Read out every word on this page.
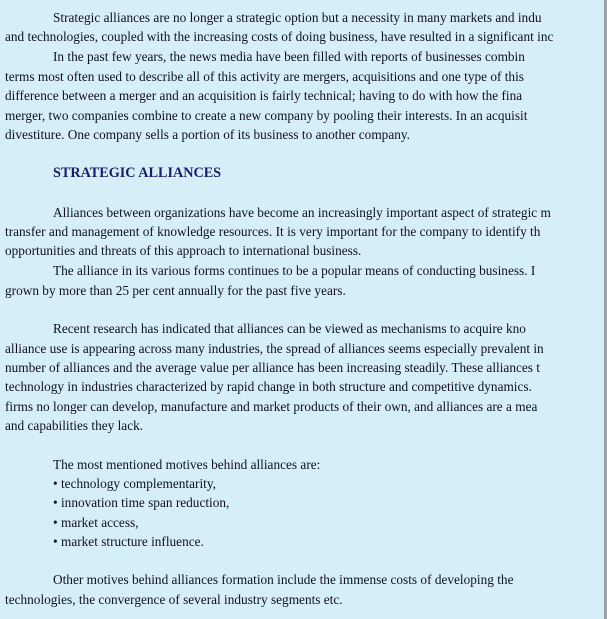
Strategic alliances are no longer a strategic option but a necessity in many markets and indu
and technologies, coupled with the increasing costs of doing business, have resulted in a significant inc
In the past few years, the news media have been filled with reports of businesses combin
terms most often used to describe all of this activity are mergers, acquisitions and one type of this
difference between a merger and an acquisition is fairly technical; having to do with how the fina
merger, two companies combine to create a new company by pooling their interests. In an acquisit
divestiture. One company sells a portion of its business to another company.
STRATEGIC ALLIANCES
Alliances between organizations have become an increasingly important aspect of strategic m
transfer and management of knowledge resources. It is very important for the company to identify th
opportunities and threats of this approach to international business.
The alliance in its various forms continues to be a popular means of conducting business. I
grown by more than 25 per cent annually for the past five years.
Recent research has indicated that alliances can be viewed as mechanisms to acquire kno
alliance use is appearing across many industries, the spread of alliances seems especially prevalent in
number of alliances and the average value per alliance has been increasing steadily. These alliances t
technology in industries characterized by rapid change in both structure and competitive dynamics.
firms no longer can develop, manufacture and market products of their own, and alliances are a mea
and capabilities they lack.
The most mentioned motives behind alliances are:
• technology complementarity,
• innovation time span reduction,
• market access,
• market structure influence.
Other motives behind alliances formation include the immense costs of developing the
technologies, the convergence of several industry segments etc.
